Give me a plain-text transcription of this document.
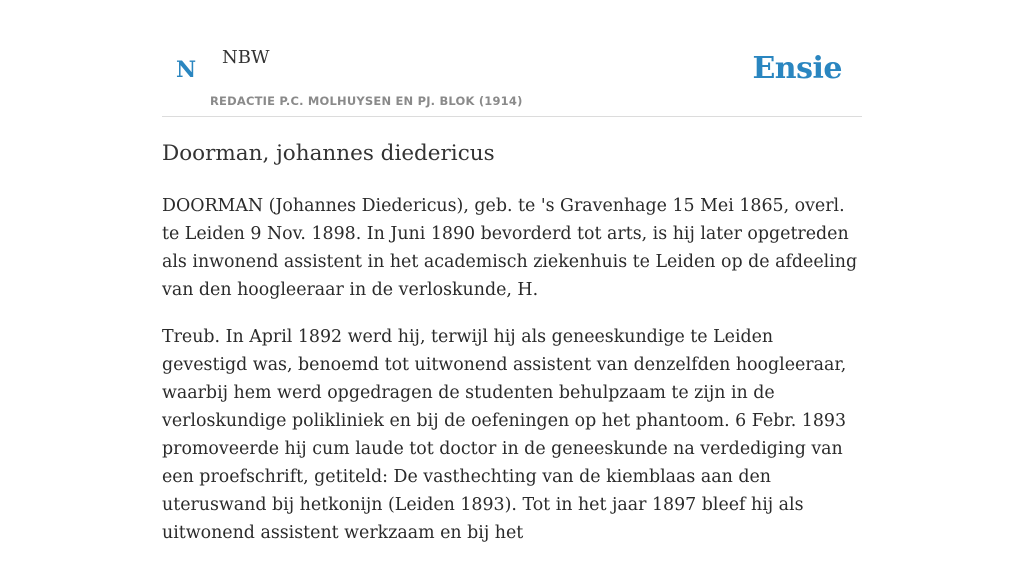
N NBW
REDACTIE P.C. MOLHUYSEN EN PJ. BLOK (1914)
Ensie
Doorman, johannes diedericus

DOORMAN (Johannes Diedericus), geb. te 's Gravenhage 15 Mei 1865, overl. te Leiden 9 Nov. 1898. In Juni 1890 bevorderd tot arts, is hij later opgetreden als inwonend assistent in het academisch ziekenhuis te Leiden op de afdeeling van den hoogleeraar in de verloskunde, H.

Treub. In April 1892 werd hij, terwijl hij als geneeskundige te Leiden gevestigd was, benoemd tot uitwonend assistent van denzelfden hoogleeraar, waarbij hem werd opgedragen de studenten behulpzaam te zijn in de verloskundige polikliniek en bij de oefeningen op het phantoom. 6 Febr. 1893 promoveerde hij cum laude tot doctor in de geneeskunde na verdediging van een proefschrift, getiteld: De vasthechting van de kiemblaas aan den uteruswand bij hetkonijn (Leiden 1893). Tot in het jaar 1897 bleef hij als uitwonend assistent werkzaam en bij het
